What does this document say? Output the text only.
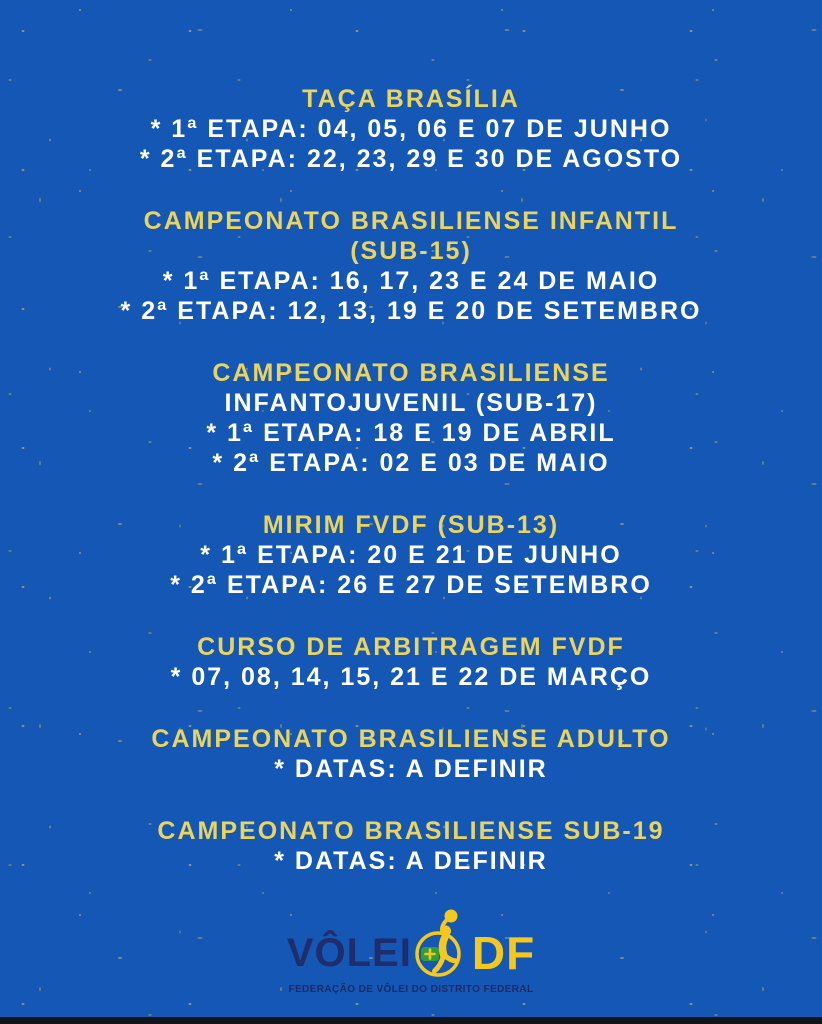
TAÇA BRASÍLIA

* 1ª ETAPA: 04, 05, 06 E 07 DE JUNHO

* 2ª ETAPA: 22, 23, 29 E 30 DE AGOSTO

CAMPEONATO BRASILIENSE INFANTIL
(SUB-15)

* 1ª ETAPA: 16, 17, 23 E 24 DE MAIO

* 2ª ETAPA: 12, 13, 19 E 20 DE SETEMBRO

CAMPEONATO BRASILIENSE
INFANTOJUVENIL (SUB-17)

* 1ª ETAPA: 18 E 19 DE ABRIL

* 2ª ETAPA: 02 E 03 DE MAIO

MIRIM FVDF (SUB-13)

* 1ª ETAPA: 20 E 21 DE JUNHO

* 2ª ETAPA: 26 E 27 DE SETEMBRO

CURSO DE ARBITRAGEM FVDF

* 07, 08, 14, 15, 21 E 22 DE MARÇO

CAMPEONATO BRASILIENSE ADULTO

* DATAS: A DEFINIR

CAMPEONATO BRASILIENSE SUB-19

* DATAS: A DEFINIR

VÔLEI DF
FEDERAÇÃO DE VÔLEI DO DISTRITO FEDERAL
